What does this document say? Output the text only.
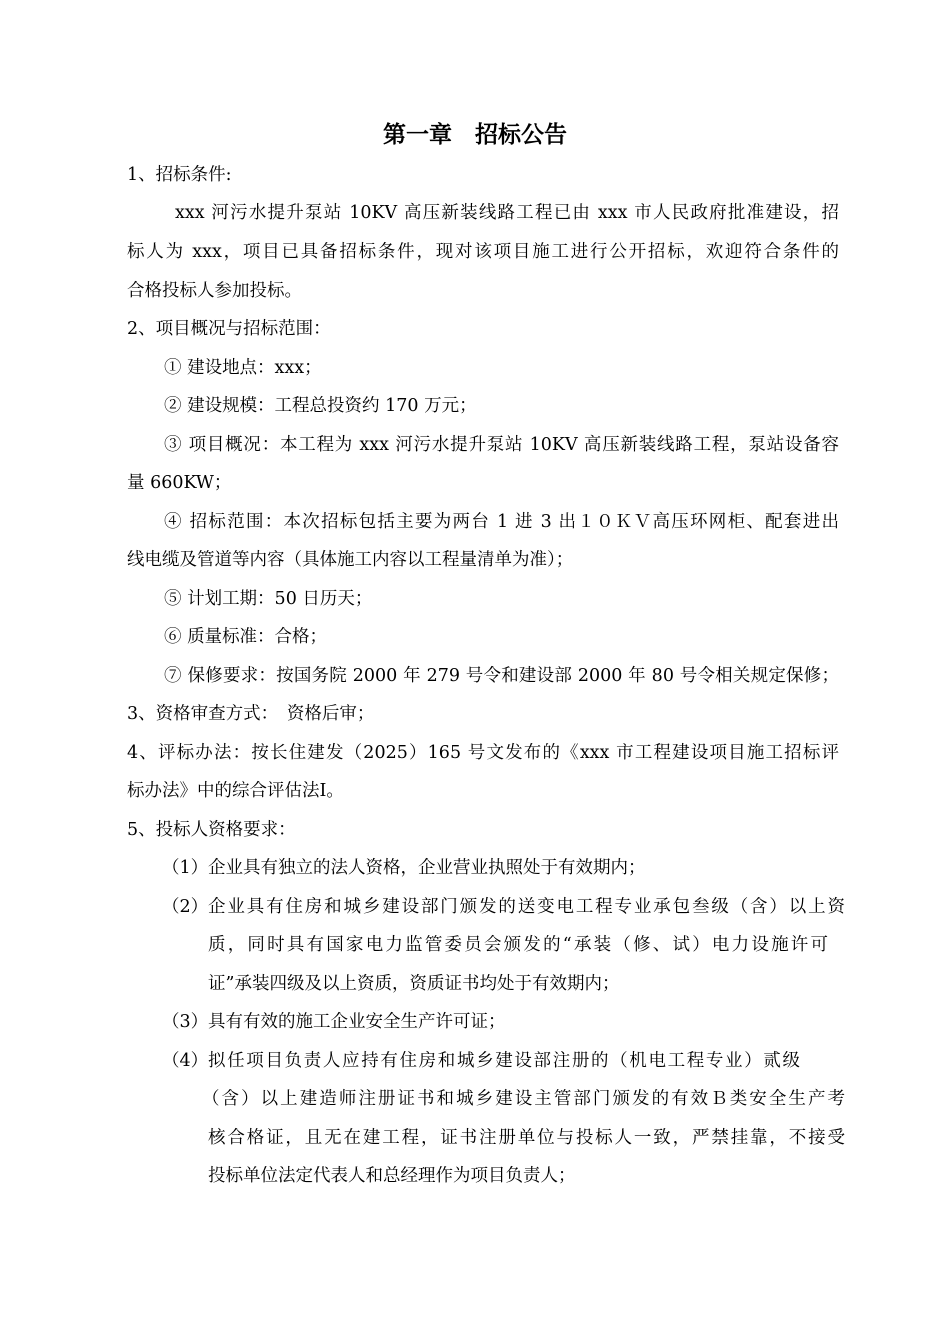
第一章　招标公告
1、招标条件:
xxx 河污水提升泵站 10KV 高压新装线路工程已由 xxx 市人民政府批准建设，招
标人为 xxx，项目已具备招标条件，现对该项目施工进行公开招标，欢迎符合条件的
合格投标人参加投标。
2、项目概况与招标范围：
① 建设地点：xxx；
② 建设规模：工程总投资约 170 万元；
③ 项目概况：本工程为 xxx 河污水提升泵站 10KV 高压新装线路工程，泵站设备容
量 660KW；
④ 招标范围：本次招标包括主要为两台 1 进 3 出１０ＫＶ高压环网柜、配套进出
线电缆及管道等内容（具体施工内容以工程量清单为准）；
⑤ 计划工期：50 日历天；
⑥ 质量标准：合格；
⑦ 保修要求：按国务院 2000 年 279 号令和建设部 2000 年 80 号令相关规定保修；
3、资格审查方式：　资格后审；
4、评标办法：按长住建发（2025）165 号文发布的《xxx 市工程建设项目施工招标评
标办法》中的综合评估法Ⅰ。
5、投标人资格要求：
（1） 企业具有独立的法人资格，企业营业执照处于有效期内；
（2） 企业具有住房和城乡建设部门颁发的送变电工程专业承包叁级（含）以上资
质，同时具有国家电力监管委员会颁发的“承装（修、试）电力设施许可
证”承装四级及以上资质，资质证书均处于有效期内；
（3） 具有有效的施工企业安全生产许可证；
（4） 拟任项目负责人应持有住房和城乡建设部注册的（机电工程专业）贰级
（含）以上建造师注册证书和城乡建设主管部门颁发的有效Ｂ类安全生产考
核合格证，且无在建工程，证书注册单位与投标人一致，严禁挂靠，不接受
投标单位法定代表人和总经理作为项目负责人；
